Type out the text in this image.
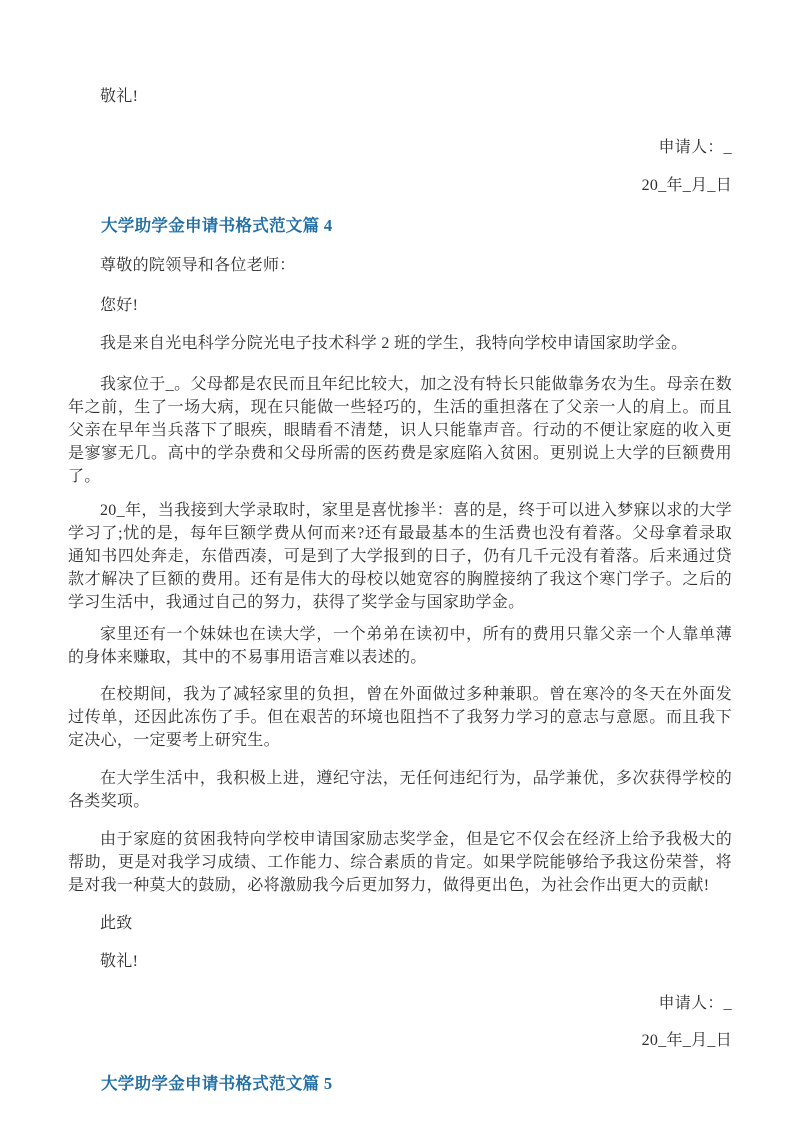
敬礼!

申请人：_

20_年_月_日

大学助学金申请书格式范文篇 4

尊敬的院领导和各位老师：

您好!

我是来自光电科学分院光电子技术科学 2 班的学生，我特向学校申请国家助学金。

我家位于_。父母都是农民而且年纪比较大，加之没有特长只能做靠务农为生。母亲在数年之前，生了一场大病，现在只能做一些轻巧的，生活的重担落在了父亲一人的肩上。而且父亲在早年当兵落下了眼疾，眼睛看不清楚，识人只能靠声音。行动的不便让家庭的收入更是寥寥无几。高中的学杂费和父母所需的医药费是家庭陷入贫困。更别说上大学的巨额费用了。

20_年，当我接到大学录取时，家里是喜忧掺半：喜的是，终于可以进入梦寐以求的大学学习了;忧的是，每年巨额学费从何而来?还有最最基本的生活费也没有着落。父母拿着录取通知书四处奔走，东借西凑，可是到了大学报到的日子，仍有几千元没有着落。后来通过贷款才解决了巨额的费用。还有是伟大的母校以她宽容的胸膛接纳了我这个寒门学子。之后的学习生活中，我通过自己的努力，获得了奖学金与国家助学金。

家里还有一个妹妹也在读大学，一个弟弟在读初中，所有的费用只靠父亲一个人靠单薄的身体来赚取，其中的不易事用语言难以表述的。

在校期间，我为了减轻家里的负担，曾在外面做过多种兼职。曾在寒冷的冬天在外面发过传单，还因此冻伤了手。但在艰苦的环境也阻挡不了我努力学习的意志与意愿。而且我下定决心，一定要考上研究生。

在大学生活中，我积极上进，遵纪守法，无任何违纪行为，品学兼优，多次获得学校的各类奖项。

由于家庭的贫困我特向学校申请国家励志奖学金，但是它不仅会在经济上给予我极大的帮助，更是对我学习成绩、工作能力、综合素质的肯定。如果学院能够给予我这份荣誉，将是对我一种莫大的鼓励，必将激励我今后更加努力，做得更出色，为社会作出更大的贡献!

此致

敬礼!

申请人：_

20_年_月_日

大学助学金申请书格式范文篇 5
